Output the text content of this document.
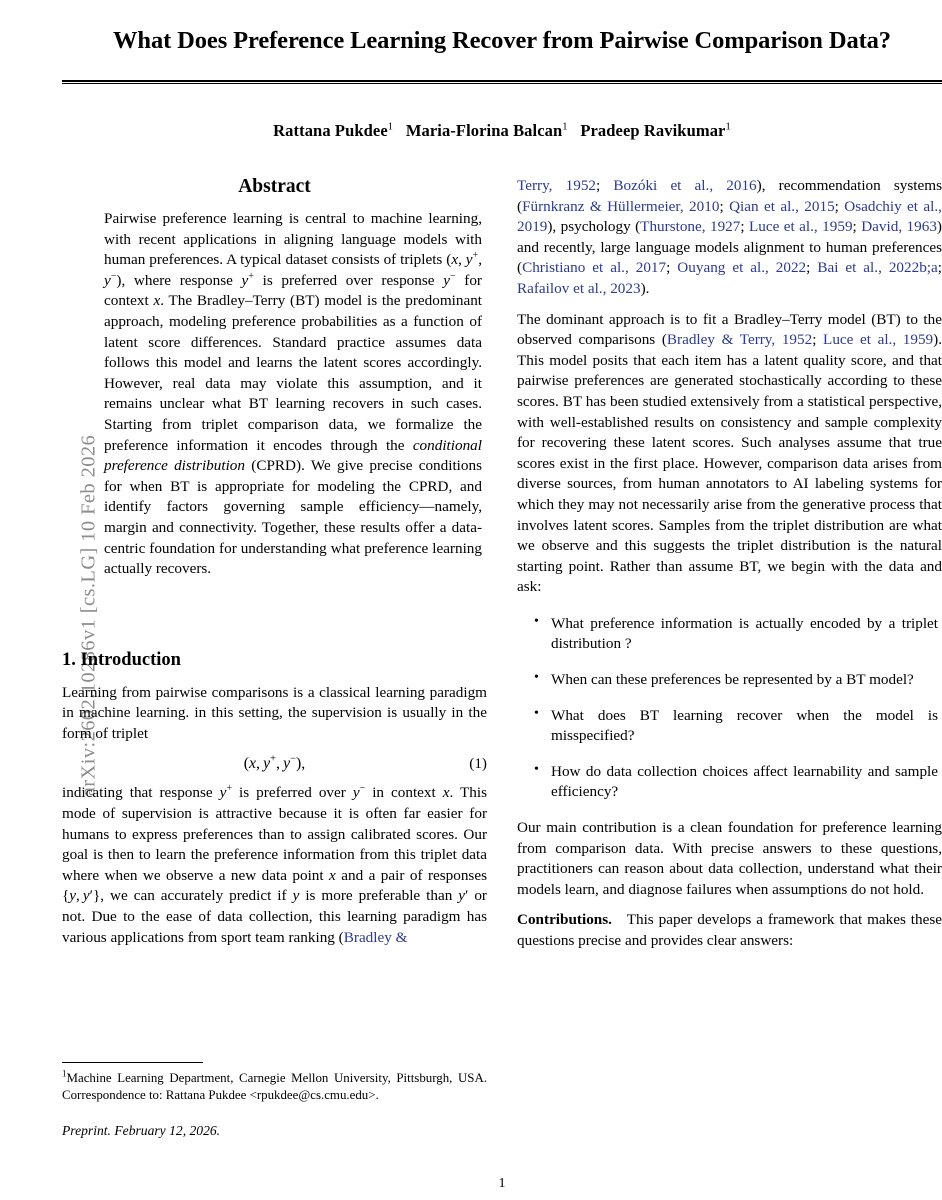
arXiv:2602.10286v1 [cs.LG] 10 Feb 2026
What Does Preference Learning Recover from Pairwise Comparison Data?
Rattana Pukdee$^1$ Maria-Florina Balcan$^1$ Pradeep Ravikumar$^1$
Abstract
Pairwise preference learning is central to machine learning, with recent applications in aligning language models with human preferences. A typical dataset consists of triplets (x, y+, y−), where response y+ is preferred over response y− for context x. The Bradley–Terry (BT) model is the predominant approach, modeling preference probabilities as a function of latent score differences. Standard practice assumes data follows this model and learns the latent scores accordingly. However, real data may violate this assumption, and it remains unclear what BT learning recovers in such cases. Starting from triplet comparison data, we formalize the preference information it encodes through the conditional preference distribution (CPRD). We give precise conditions for when BT is appropriate for modeling the CPRD, and identify factors governing sample efficiency—namely, margin and connectivity. Together, these results offer a data-centric foundation for understanding what preference learning actually recovers.
1. Introduction

Learning from pairwise comparisons is a classical learning paradigm in machine learning. in this setting, the supervision is usually in the form of triplet

(x, y+, y−),	(1)

indicating that response y+ is preferred over y− in context x. This mode of supervision is attractive because it is often far easier for humans to express preferences than to assign calibrated scores. Our goal is then to learn the preference information from this triplet data where when we observe a new data point x and a pair of responses {y, y′}, we can accurately predict if y is more preferable than y′ or not. Due to the ease of data collection, this learning paradigm has various applications from sport team ranking (Bradley &

$^1$Machine Learning Department, Carnegie Mellon University, Pittsburgh, USA. Correspondence to: Rattana Pukdee <rpukdee@cs.cmu.edu>.

Preprint. February 12, 2026.

Terry, 1952; Bozóki et al., 2016), recommendation systems (Fürnkranz & Hüllermeier, 2010; Qian et al., 2015; Osadchiy et al., 2019), psychology (Thurstone, 1927; Luce et al., 1959; David, 1963) and recently, large language models alignment to human preferences (Christiano et al., 2017; Ouyang et al., 2022; Bai et al., 2022b;a; Rafailov et al., 2023).

The dominant approach is to fit a Bradley–Terry model (BT) to the observed comparisons (Bradley & Terry, 1952; Luce et al., 1959). This model posits that each item has a latent quality score, and that pairwise preferences are generated stochastically according to these scores. BT has been studied extensively from a statistical perspective, with well-established results on consistency and sample complexity for recovering these latent scores. Such analyses assume that true scores exist in the first place. However, comparison data arises from diverse sources, from human annotators to AI labeling systems for which they may not necessarily arise from the generative process that involves latent scores. Samples from the triplet distribution are what we observe and this suggests the triplet distribution is the natural starting point. Rather than assume BT, we begin with the data and ask:

• What preference information is actually encoded by a triplet distribution ?
• When can these preferences be represented by a BT model?
• What does BT learning recover when the model is misspecified?
• How do data collection choices affect learnability and sample efficiency?

Our main contribution is a clean foundation for preference learning from comparison data. With precise answers to these questions, practitioners can reason about data collection, understand what their models learn, and diagnose failures when assumptions do not hold.

Contributions. This paper develops a framework that makes these questions precise and provides clear answers:

1
